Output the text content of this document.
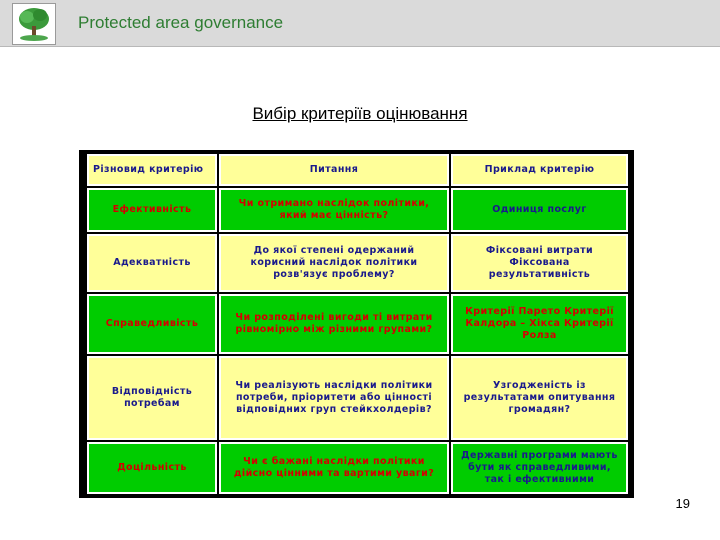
Protected area governance
Вибір критеріїв оцінювання
Різновид критерію	Питання	Приклад критерію
Ефективність
Чи отримано наслідок політики, який має цінність?
Одиниця послуг
Адекватність
До якої степені одержаний корисний наслідок політики розв'язує проблему?
Фіксовані витрати Фіксована результативність
Справедливість
Чи розподілені вигоди ті витрати рівномірно між різними групами?
Критерії Парето Критерії Калдора – Хікса Критерії Ролза
Відповідність потребам
Чи реалізують наслідки політики потреби, пріоритети або цінності відповідних груп стейкхолдерів?
Узгодженість із результатами опитування громадян?
Доцільність
Чи є бажані наслідки політики дійсно цінними та вартими уваги?
Державні програми мають бути як справедливими, так і ефективними
19
